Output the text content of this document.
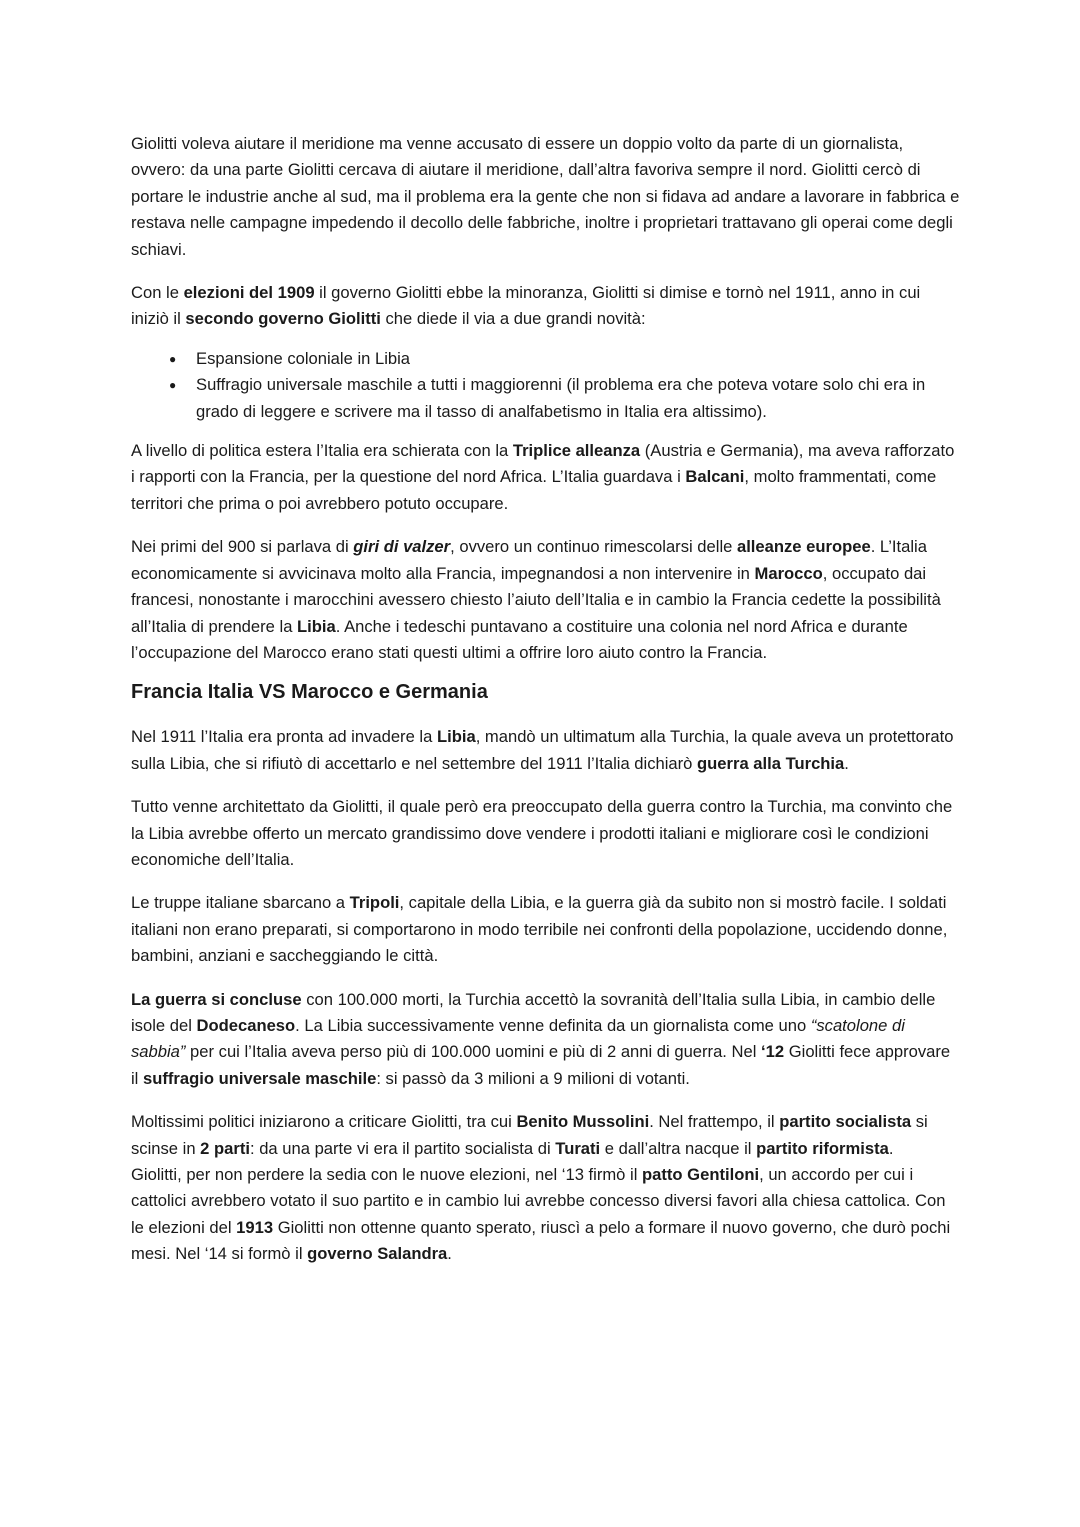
Giolitti voleva aiutare il meridione ma venne accusato di essere un doppio volto da parte di un giornalista, ovvero: da una parte Giolitti cercava di aiutare il meridione, dall’altra favoriva sempre il nord. Giolitti cercò di portare le industrie anche al sud, ma il problema era la gente che non si fidava ad andare a lavorare in fabbrica e restava nelle campagne impedendo il decollo delle fabbriche, inoltre i proprietari trattavano gli operai come degli schiavi.

Con le elezioni del 1909 il governo Giolitti ebbe la minoranza, Giolitti si dimise e tornò nel 1911, anno in cui iniziò il secondo governo Giolitti che diede il via a due grandi novità:

● Espansione coloniale in Libia
● Suffragio universale maschile a tutti i maggiorenni (il problema era che poteva votare solo chi era in grado di leggere e scrivere ma il tasso di analfabetismo in Italia era altissimo).

A livello di politica estera l’Italia era schierata con la Triplice alleanza (Austria e Germania), ma aveva rafforzato i rapporti con la Francia, per la questione del nord Africa. L’Italia guardava i Balcani, molto frammentati, come territori che prima o poi avrebbero potuto occupare.

Nei primi del 900 si parlava di giri di valzer, ovvero un continuo rimescolarsi delle alleanze europee. L’Italia economicamente si avvicinava molto alla Francia, impegnandosi a non intervenire in Marocco, occupato dai francesi, nonostante i marocchini avessero chiesto l’aiuto dell’Italia e in cambio la Francia cedette la possibilità all’Italia di prendere la Libia. Anche i tedeschi puntavano a costituire una colonia nel nord Africa e durante l’occupazione del Marocco erano stati questi ultimi a offrire loro aiuto contro la Francia.

Francia Italia VS Marocco e Germania

Nel 1911 l’Italia era pronta ad invadere la Libia, mandò un ultimatum alla Turchia, la quale aveva un protettorato sulla Libia, che si rifiutò di accettarlo e nel settembre del 1911 l’Italia dichiarò guerra alla Turchia.

Tutto venne architettato da Giolitti, il quale però era preoccupato della guerra contro la Turchia, ma convinto che la Libia avrebbe offerto un mercato grandissimo dove vendere i prodotti italiani e migliorare così le condizioni economiche dell’Italia.

Le truppe italiane sbarcano a Tripoli, capitale della Libia, e la guerra già da subito non si mostrò facile. I soldati italiani non erano preparati, si comportarono in modo terribile nei confronti della popolazione, uccidendo donne, bambini, anziani e saccheggiando le città.

La guerra si concluse con 100.000 morti, la Turchia accettò la sovranità dell’Italia sulla Libia, in cambio delle isole del Dodecaneso. La Libia successivamente venne definita da un giornalista come uno “scatolone di sabbia” per cui l’Italia aveva perso più di 100.000 uomini e più di 2 anni di guerra. Nel ‘12 Giolitti fece approvare il suffragio universale maschile: si passò da 3 milioni a 9 milioni di votanti.

Moltissimi politici iniziarono a criticare Giolitti, tra cui Benito Mussolini. Nel frattempo, il partito socialista si scinse in 2 parti: da una parte vi era il partito socialista di Turati e dall’altra nacque il partito riformista.

Giolitti, per non perdere la sedia con le nuove elezioni, nel ‘13 firmò il patto Gentiloni, un accordo per cui i cattolici avrebbero votato il suo partito e in cambio lui avrebbe concesso diversi favori alla chiesa cattolica. Con le elezioni del 1913 Giolitti non ottenne quanto sperato, riuscì a pelo a formare il nuovo governo, che durò pochi mesi. Nel ‘14 si formò il governo Salandra.
